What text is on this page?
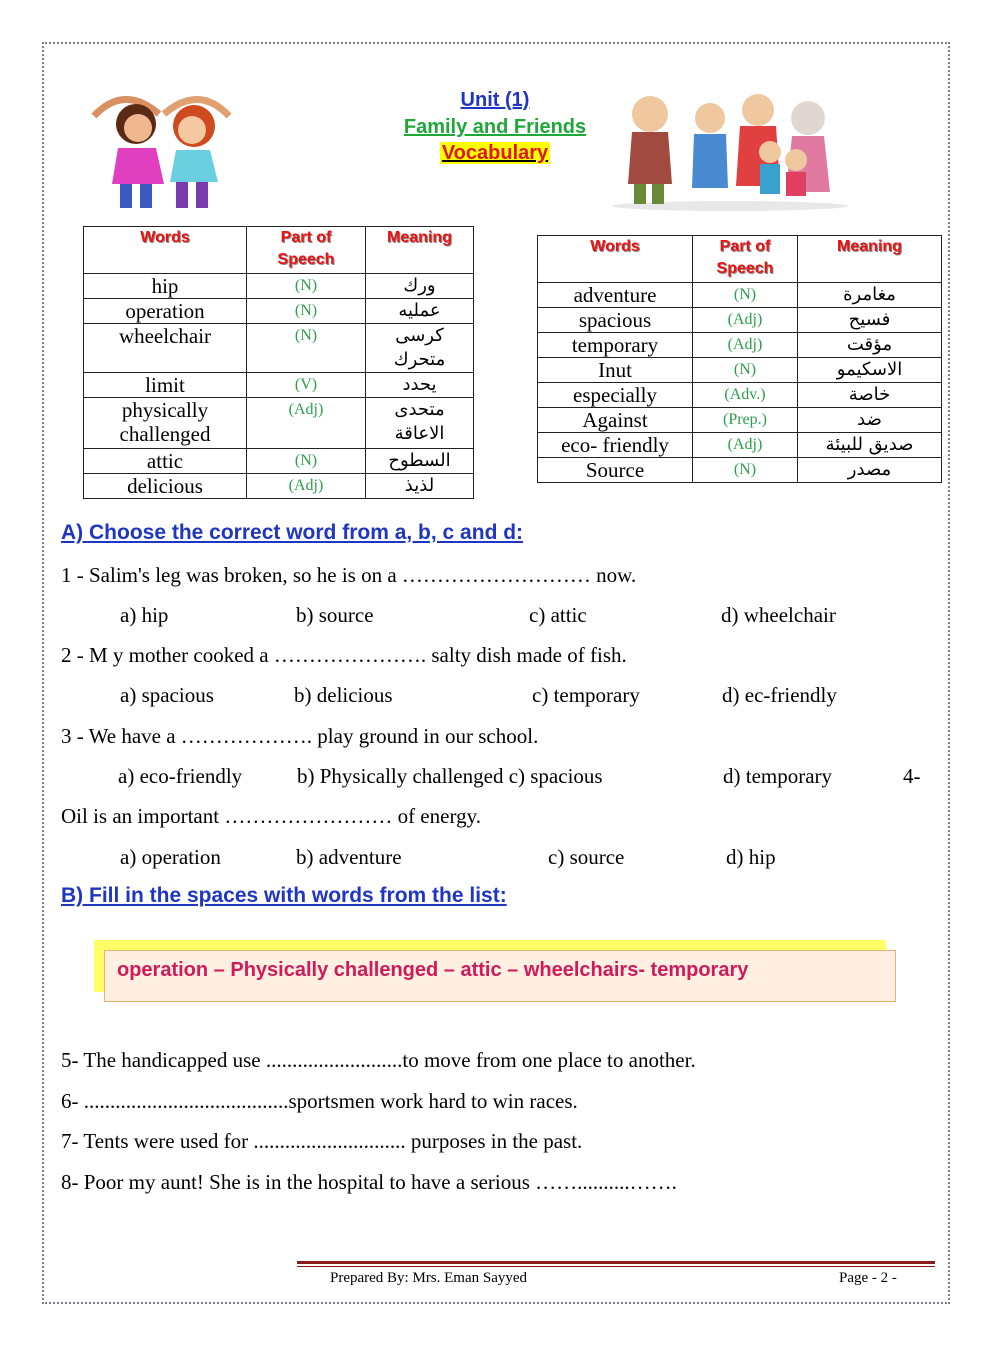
Unit (1)
Family and Friends
Vocabulary
Words	Part of Speech	Meaning
hip	(N)	ورك
operation	(N)	عمليه
wheelchair	(N)	كرسى متحرك
limit	(V)	يحدد
physically challenged	(Adj)	متحدى الاعاقة
attic	(N)	السطوح
delicious	(Adj)	لذيذ
Words	Part of Speech	Meaning
adventure	(N)	مغامرة
spacious	(Adj)	فسيح
temporary	(Adj)	مؤقت
Inut	(N)	الاسكيمو
especially	(Adv.)	خاصة
Against	(Prep.)	ضد
eco- friendly	(Adj)	صديق للبيئة
Source	(N)	مصدر
A) Choose the correct word from a, b, c and d:
1 - Salim's leg was broken, so he is on a ……………………… now.
a) hip	b) source	c) attic	d) wheelchair
2 - M y mother cooked a …………………. salty dish made of fish.
a) spacious	b) delicious	c) temporary	d) ec-friendly
3 - We have a ………………. play ground in our school.
a) eco-friendly	b) Physically challenged c) spacious	d) temporary	4-
Oil is an important …………………… of energy.
a) operation	b) adventure	c) source	d) hip
B) Fill in the spaces with words from the list:
operation – Physically challenged – attic – wheelchairs- temporary
5- The handicapped use ..........................to move from one place to another.
6- .......................................sportsmen work hard to win races.
7- Tents were used for ............................. purposes in the past.
8- Poor my aunt! She is in the hospital to have a serious ……..........…….
Prepared By: Mrs. Eman Sayyed	Page - 2 -
